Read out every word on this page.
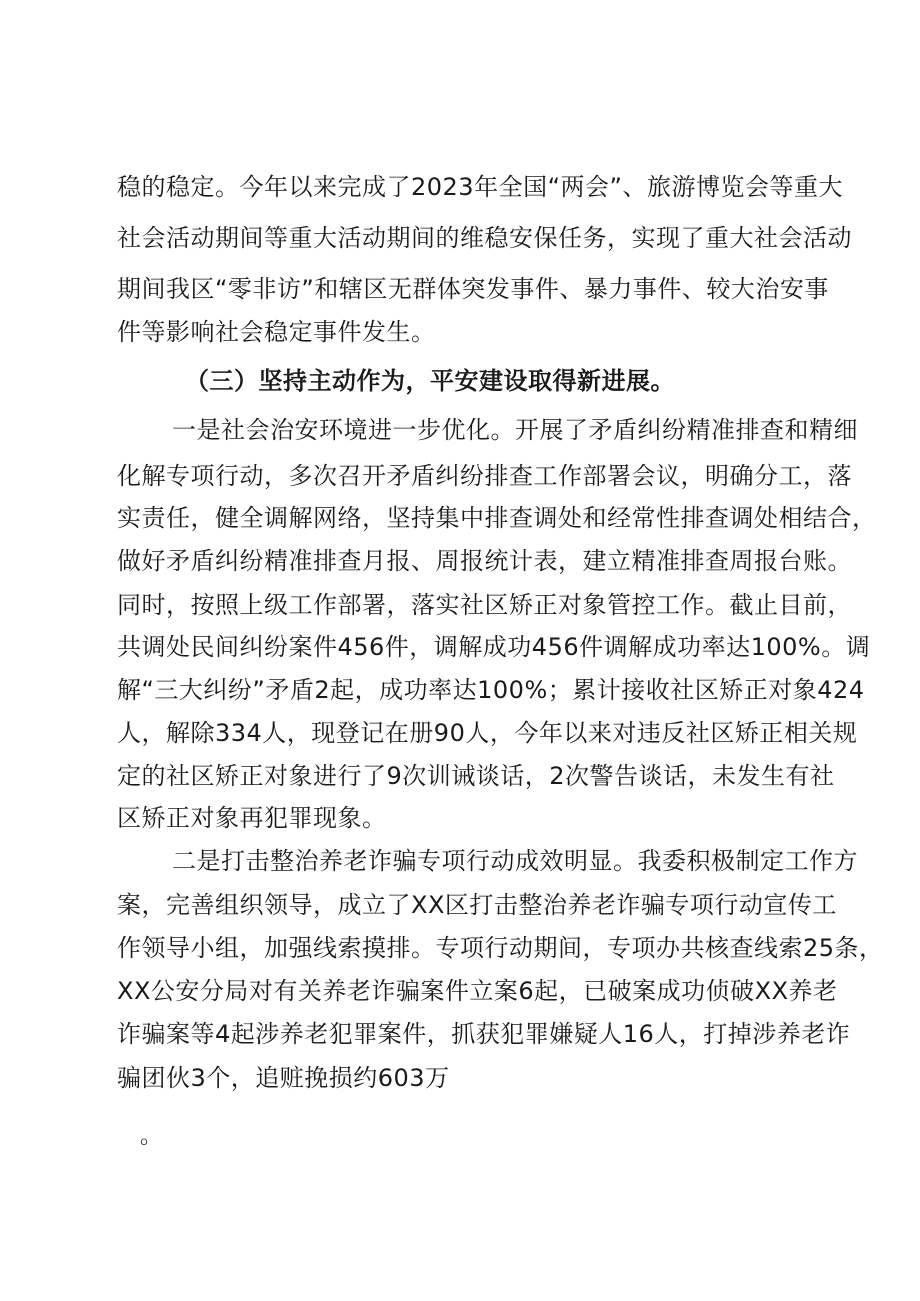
稳的稳定。今年以来完成了2023年全国“两会”、旅游博览会等重大
社会活动期间等重大活动期间的维稳安保任务，实现了重大社会活动
期间我区“零非访”和辖区无群体突发事件、暴力事件、较大治安事
件等影响社会稳定事件发生。
（三）坚持主动作为，平安建设取得新进展。
一是社会治安环境进一步优化。开展了矛盾纠纷精准排查和精细
化解专项行动，多次召开矛盾纠纷排查工作部署会议，明确分工，落
实责任，健全调解网络，坚持集中排查调处和经常性排查调处相结合，
做好矛盾纠纷精准排查月报、周报统计表，建立精准排查周报台账。
同时，按照上级工作部署，落实社区矫正对象管控工作。截止目前，
共调处民间纠纷案件456件，调解成功456件调解成功率达100%。调
解“三大纠纷”矛盾2起，成功率达100%；累计接收社区矫正对象424
人，解除334人，现登记在册90人，今年以来对违反社区矫正相关规
定的社区矫正对象进行了9次训诫谈话，2次警告谈话，未发生有社
区矫正对象再犯罪现象。
二是打击整治养老诈骗专项行动成效明显。我委积极制定工作方
案，完善组织领导，成立了XX区打击整治养老诈骗专项行动宣传工
作领导小组，加强线索摸排。专项行动期间，专项办共核查线索25条，
XX公安分局对有关养老诈骗案件立案6起，已破案成功侦破XX养老
诈骗案等4起涉养老犯罪案件，抓获犯罪嫌疑人16人，打掉涉养老诈
骗团伙3个，追赃挽损约603万
。
